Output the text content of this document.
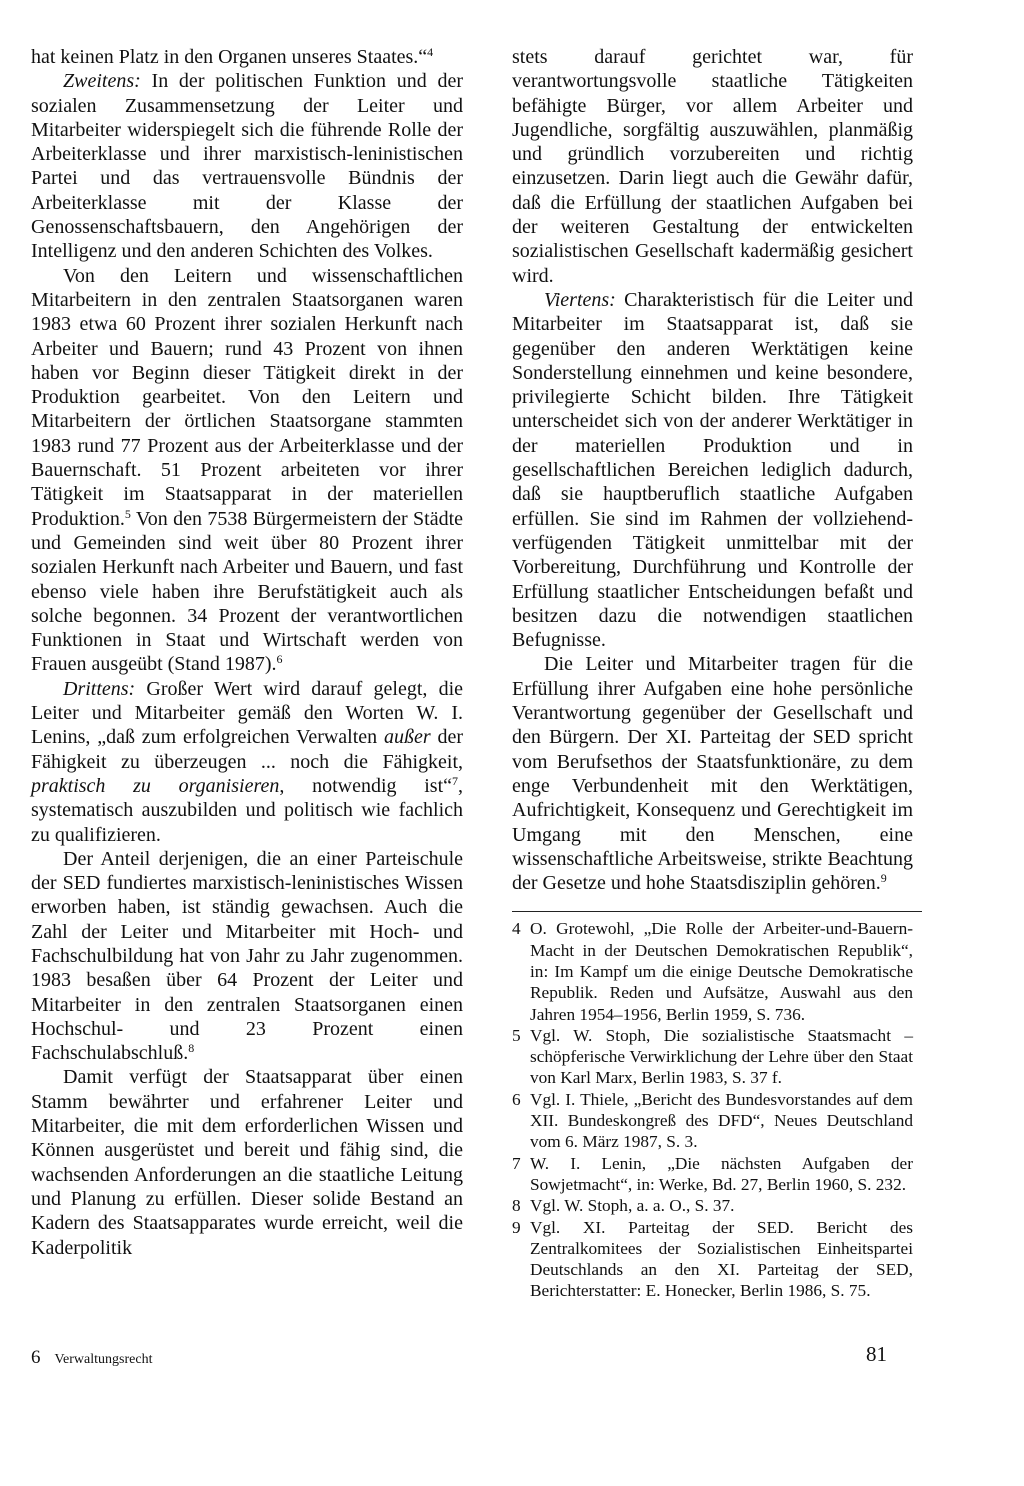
hat keinen Platz in den Organen unseres Staates.“$^4$

Zweitens: In der politischen Funktion und der sozialen Zusammensetzung der Leiter und Mitarbeiter widerspiegelt sich die führende Rolle der Arbeiterklasse und ihrer marxistisch-leninistischen Partei und das vertrauensvolle Bündnis der Arbeiterklasse mit der Klasse der Genossenschaftsbauern, den Angehörigen der Intelligenz und den anderen Schichten des Volkes.

Von den Leitern und wissenschaftlichen Mitarbeitern in den zentralen Staatsorganen waren 1983 etwa 60 Prozent ihrer sozialen Herkunft nach Arbeiter und Bauern; rund 43 Prozent von ihnen haben vor Beginn dieser Tätigkeit direkt in der Produktion gearbeitet. Von den Leitern und Mitarbeitern der örtlichen Staatsorgane stammten 1983 rund 77 Prozent aus der Arbeiterklasse und der Bauernschaft. 51 Prozent arbeiteten vor ihrer Tätigkeit im Staatsapparat in der materiellen Produktion.$^5$ Von den 7538 Bürgermeistern der Städte und Gemeinden sind weit über 80 Prozent ihrer sozialen Herkunft nach Arbeiter und Bauern, und fast ebenso viele haben ihre Berufstätigkeit auch als solche begonnen. 34 Prozent der verantwortlichen Funktionen in Staat und Wirtschaft werden von Frauen ausgeübt (Stand 1987).$^6$

Drittens: Großer Wert wird darauf gelegt, die Leiter und Mitarbeiter gemäß den Worten W. I. Lenins, „daß zum erfolgreichen Verwalten außer der Fähigkeit zu überzeugen ... noch die Fähigkeit, praktisch zu organisieren, notwendig ist“$^7$, systematisch auszubilden und politisch wie fachlich zu qualifizieren.

Der Anteil derjenigen, die an einer Parteischule der SED fundiertes marxistisch-leninistisches Wissen erworben haben, ist ständig gewachsen. Auch die Zahl der Leiter und Mitarbeiter mit Hoch- und Fachschulbildung hat von Jahr zu Jahr zugenommen. 1983 besaßen über 64 Prozent der Leiter und Mitarbeiter in den zentralen Staatsorganen einen Hochschul- und 23 Prozent einen Fachschulabschluß.$^8$

Damit verfügt der Staatsapparat über einen Stamm bewährter und erfahrener Leiter und Mitarbeiter, die mit dem erforderlichen Wissen und Können ausgerüstet und bereit und fähig sind, die wachsenden Anforderungen an die staatliche Leitung und Planung zu erfüllen. Dieser solide Bestand an Kadern des Staatsapparates wurde erreicht, weil die Kaderpolitik

stets darauf gerichtet war, für verantwortungsvolle staatliche Tätigkeiten befähigte Bürger, vor allem Arbeiter und Jugendliche, sorgfältig auszuwählen, planmäßig und gründlich vorzubereiten und richtig einzusetzen. Darin liegt auch die Gewähr dafür, daß die Erfüllung der staatlichen Aufgaben bei der weiteren Gestaltung der entwickelten sozialistischen Gesellschaft kadermäßig gesichert wird.

Viertens: Charakteristisch für die Leiter und Mitarbeiter im Staatsapparat ist, daß sie gegenüber den anderen Werktätigen keine Sonderstellung einnehmen und keine besondere, privilegierte Schicht bilden. Ihre Tätigkeit unterscheidet sich von der anderer Werktätiger in der materiellen Produktion und in gesellschaftlichen Bereichen lediglich dadurch, daß sie hauptberuflich staatliche Aufgaben erfüllen. Sie sind im Rahmen der vollziehend-verfügenden Tätigkeit unmittelbar mit der Vorbereitung, Durchführung und Kontrolle der Erfüllung staatlicher Entscheidungen befaßt und besitzen dazu die notwendigen staatlichen Befugnisse.

Die Leiter und Mitarbeiter tragen für die Erfüllung ihrer Aufgaben eine hohe persönliche Verantwortung gegenüber der Gesellschaft und den Bürgern. Der XI. Parteitag der SED spricht vom Berufsethos der Staatsfunktionäre, zu dem enge Verbundenheit mit den Werktätigen, Aufrichtigkeit, Konsequenz und Gerechtigkeit im Umgang mit den Menschen, eine wissenschaftliche Arbeitsweise, strikte Beachtung der Gesetze und hohe Staatsdisziplin gehören.$^9$

4 O. Grotewohl, „Die Rolle der Arbeiter-und-Bauern-Macht in der Deutschen Demokratischen Republik“, in: Im Kampf um die einige Deutsche Demokratische Republik. Reden und Aufsätze, Auswahl aus den Jahren 1954–1956, Berlin 1959, S. 736.
5 Vgl. W. Stoph, Die sozialistische Staatsmacht – schöpferische Verwirklichung der Lehre über den Staat von Karl Marx, Berlin 1983, S. 37 f.
6 Vgl. I. Thiele, „Bericht des Bundesvorstandes auf dem XII. Bundeskongreß des DFD“, Neues Deutschland vom 6. März 1987, S. 3.
7 W. I. Lenin, „Die nächsten Aufgaben der Sowjetmacht“, in: Werke, Bd. 27, Berlin 1960, S. 232.
8 Vgl. W. Stoph, a. a. O., S. 37.
9 Vgl. XI. Parteitag der SED. Bericht des Zentralkomitees der Sozialistischen Einheitspartei Deutschlands an den XI. Parteitag der SED, Berichterstatter: E. Honecker, Berlin 1986, S. 75.
6 Verwaltungsrecht	81
